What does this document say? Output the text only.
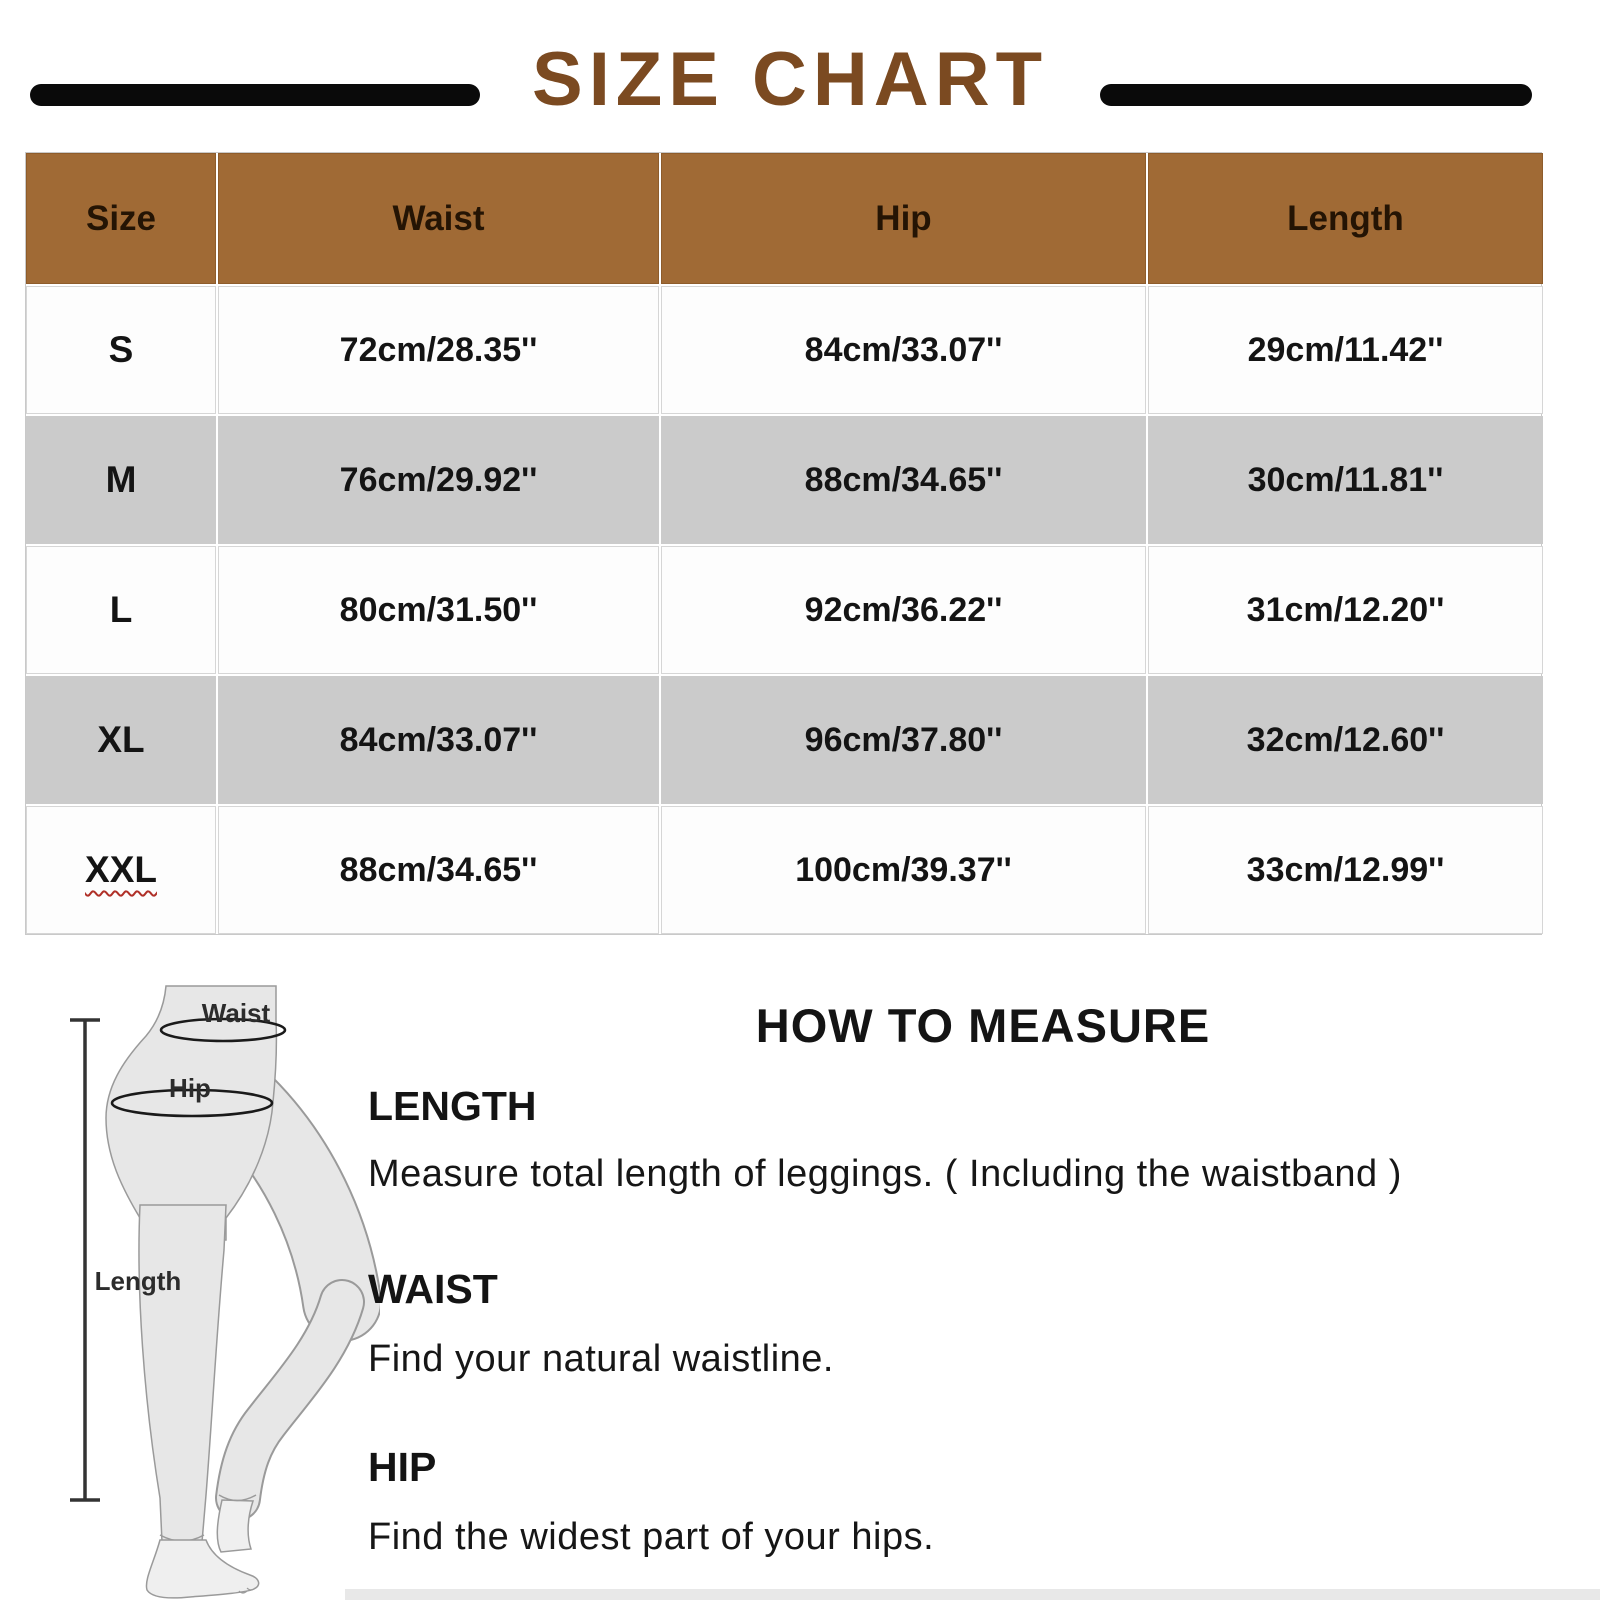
SIZE CHART
Size	Waist	Hip	Length
S	72cm/28.35''	84cm/33.07''	29cm/11.42''
M	76cm/29.92''	88cm/34.65''	30cm/11.81''
L	80cm/31.50''	92cm/36.22''	31cm/12.20''
XL	84cm/33.07''	96cm/37.80''	32cm/12.60''
XXL	88cm/34.65''	100cm/39.37''	33cm/12.99''
Waist
Hip
Length
HOW TO MEASURE
LENGTH
Measure total length of leggings. ( Including the waistband )
WAIST
Find your natural waistline.
HIP
Find the widest part of your hips.
